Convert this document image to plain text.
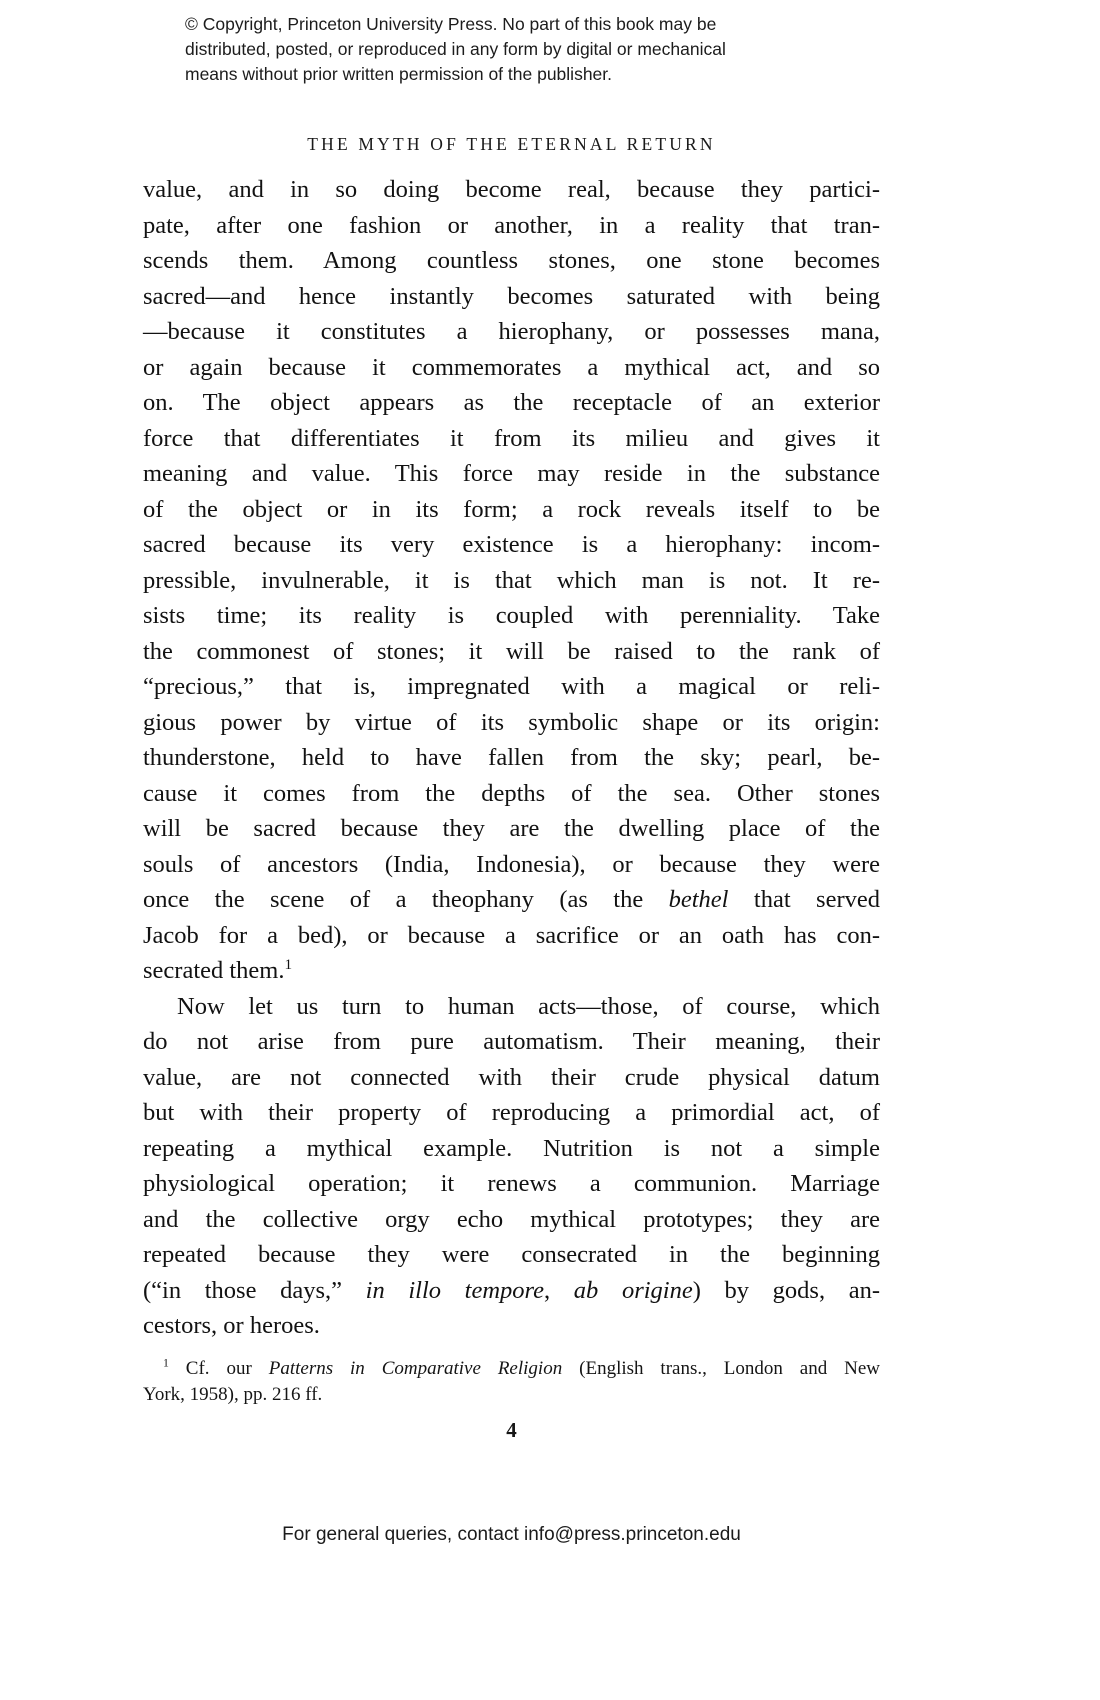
© Copyright, Princeton University Press. No part of this book may be
distributed, posted, or reproduced in any form by digital or mechanical
means without prior written permission of the publisher.
THE MYTH OF THE ETERNAL RETURN
value, and in so doing become real, because they partici-
pate, after one fashion or another, in a reality that tran-
scends them. Among countless stones, one stone becomes
sacred—and hence instantly becomes saturated with being
—because it constitutes a hierophany, or possesses mana,
or again because it commemorates a mythical act, and so
on. The object appears as the receptacle of an exterior
force that differentiates it from its milieu and gives it
meaning and value. This force may reside in the substance
of the object or in its form; a rock reveals itself to be
sacred because its very existence is a hierophany: incom-
pressible, invulnerable, it is that which man is not. It re-
sists time; its reality is coupled with perenniality. Take
the commonest of stones; it will be raised to the rank of
“precious,” that is, impregnated with a magical or reli-
gious power by virtue of its symbolic shape or its origin:
thunderstone, held to have fallen from the sky; pearl, be-
cause it comes from the depths of the sea. Other stones
will be sacred because they are the dwelling place of the
souls of ancestors (India, Indonesia), or because they were
once the scene of a theophany (as the bethel that served
Jacob for a bed), or because a sacrifice or an oath has con-
secrated them.$^1$
Now let us turn to human acts—those, of course, which
do not arise from pure automatism. Their meaning, their
value, are not connected with their crude physical datum
but with their property of reproducing a primordial act, of
repeating a mythical example. Nutrition is not a simple
physiological operation; it renews a communion. Marriage
and the collective orgy echo mythical prototypes; they are
repeated because they were consecrated in the beginning
(“in those days,” in illo tempore, ab origine) by gods, an-
cestors, or heroes.
$^1$ Cf. our Patterns in Comparative Religion (English trans., London and New
York, 1958), pp. 216 ff.
4
For general queries, contact info@press.princeton.edu
